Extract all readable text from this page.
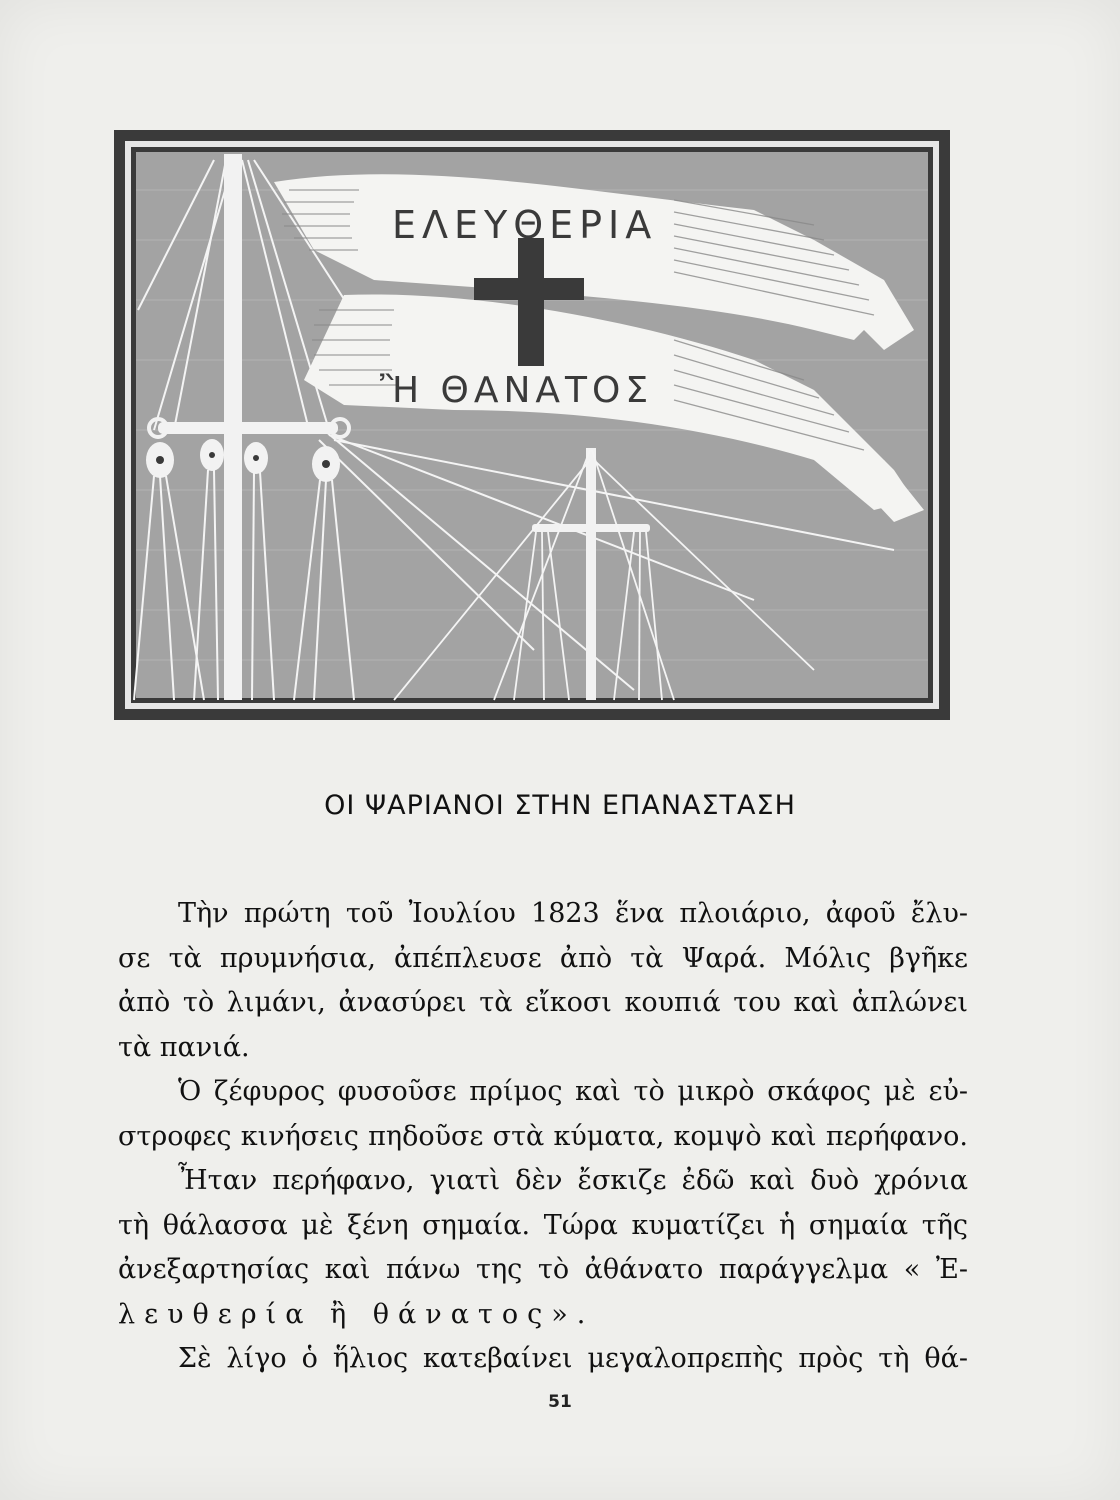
ΕΛΕΥΘΕΡΙΑ
Ἢ ΘΑΝΑΤΟΣ
ΟΙ ΨΑΡΙΑΝΟΙ ΣΤΗΝ ΕΠΑΝΑΣΤΑΣΗ
Τὴν πρώτη τοῦ Ἰουλίου 1823 ἕνα πλοιάριο, ἀφοῦ ἔλυ-
σε τὰ πρυμνήσια, ἀπέπλευσε ἀπὸ τὰ Ψαρά. Μόλις βγῆκε
ἀπὸ τὸ λιμάνι, ἀνασύρει τὰ εἴκοσι κουπιά του καὶ ἁπλώνει
τὰ πανιά.
Ὁ ζέφυρος φυσοῦσε πρίμος καὶ τὸ μικρὸ σκάφος μὲ εὐ-
στροφες κινήσεις πηδοῦσε στὰ κύματα, κομψὸ καὶ περήφανο.
Ἦταν περήφανο, γιατὶ δὲν ἔσκιζε ἐδῶ καὶ δυὸ χρόνια
τὴ θάλασσα μὲ ξένη σημαία. Τώρα κυματίζει ἡ σημαία τῆς
ἀνεξαρτησίας καὶ πάνω της τὸ ἀθάνατο παράγγελμα « Ἐ-
λευθερία ἢ θάνατος».
Σὲ λίγο ὁ ἥλιος κατεβαίνει μεγαλοπρεπὴς πρὸς τὴ θά-
51
